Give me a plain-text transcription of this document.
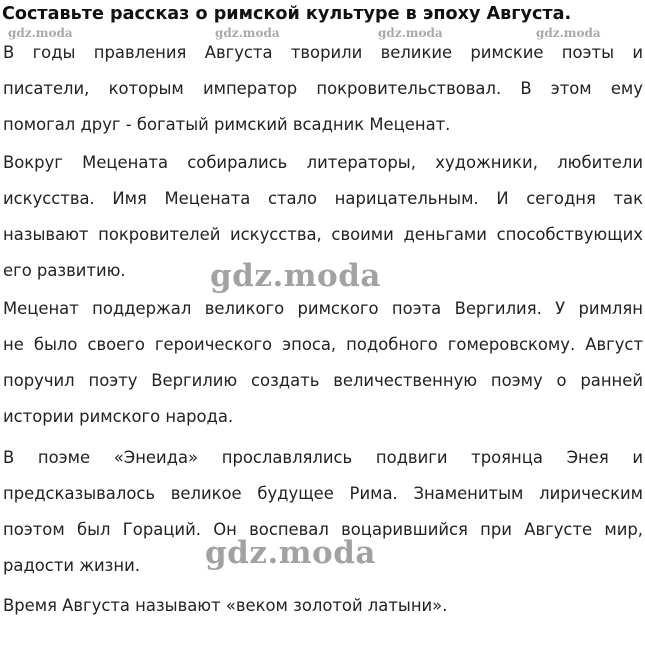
Составьте рассказ о римской культуре в эпоху Августа.
gdz.moda	gdz.moda	gdz.moda	gdz.moda
В годы правления Августа творили великие римские поэты и
писатели, которым император покровительствовал. В этом ему
помогал друг - богатый римский всадник Меценат.
Вокруг Мецената собирались литераторы, художники, любители
искусства. Имя Мецената стало нарицательным. И сегодня так
называют покровителей искусства, своими деньгами способствующих
его развитию.
Меценат поддержал великого римского поэта Вергилия. У римлян
не было своего героического эпоса, подобного гомеровскому. Август
поручил поэту Вергилию создать величественную поэму о ранней
истории римского народа.
В поэме «Энеида» прославлялись подвиги троянца Энея и
предсказывалось великое будущее Рима. Знаменитым лирическим
поэтом был Гораций. Он воспевал воцарившийся при Августе мир,
радости жизни.
Время Августа называют «веком золотой латыни».
gdz.moda
gdz.moda
